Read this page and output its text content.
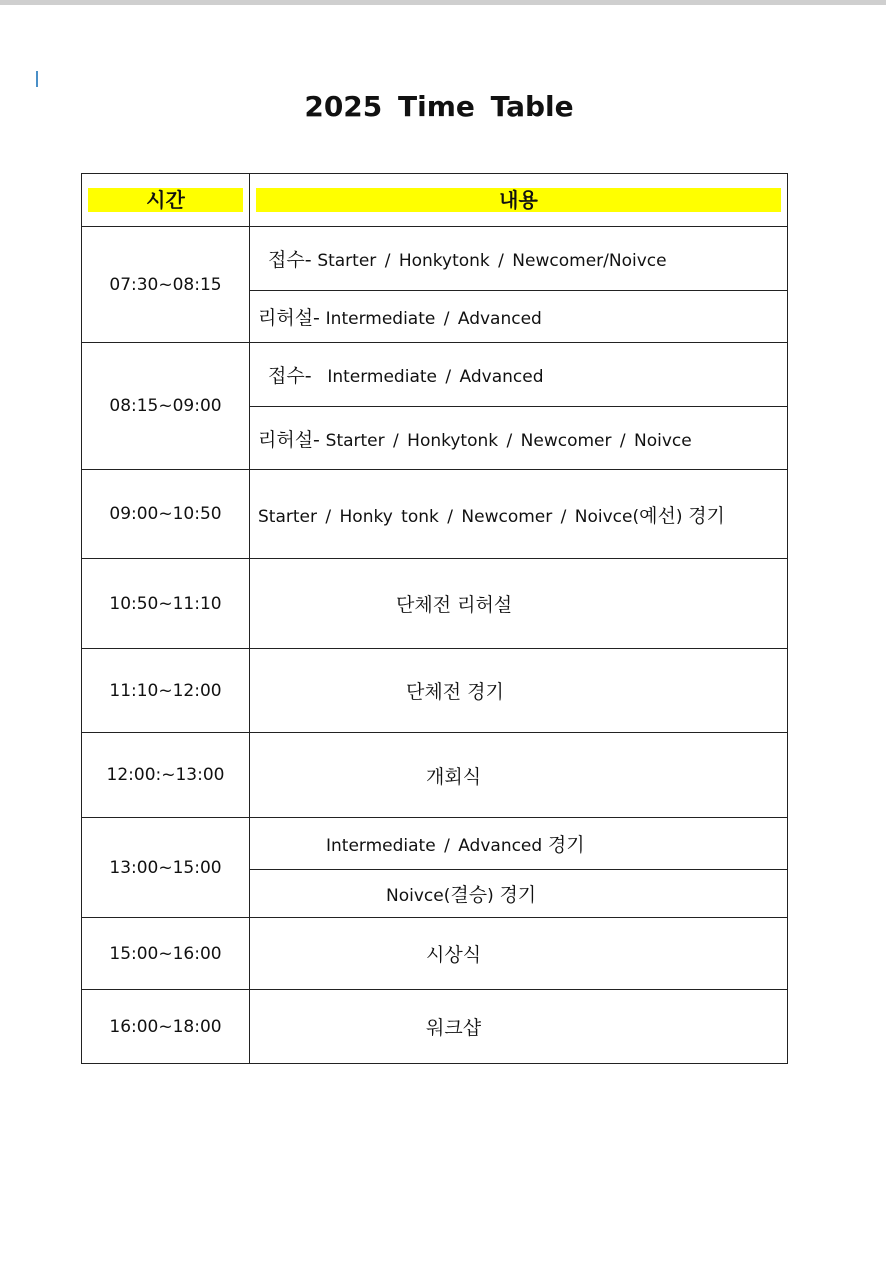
2025 Time Table
시간	내용

07:30~08:15	접수- Starter / Honkytonk / Newcomer/Noivce

	리허설- Intermediate / Advanced

08:15~09:00	접수- Intermediate / Advanced

	리허설- Starter / Honkytonk / Newcomer / Noivce

09:00~10:50	Starter / Honky tonk / Newcomer / Noivce(예선) 경기

10:50~11:10	단체전 리허설

11:10~12:00	단체전 경기

12:00:~13:00	개회식

13:00~15:00	Intermediate / Advanced 경기

	Noivce(결승) 경기

15:00~16:00	시상식

16:00~18:00	워크샵
